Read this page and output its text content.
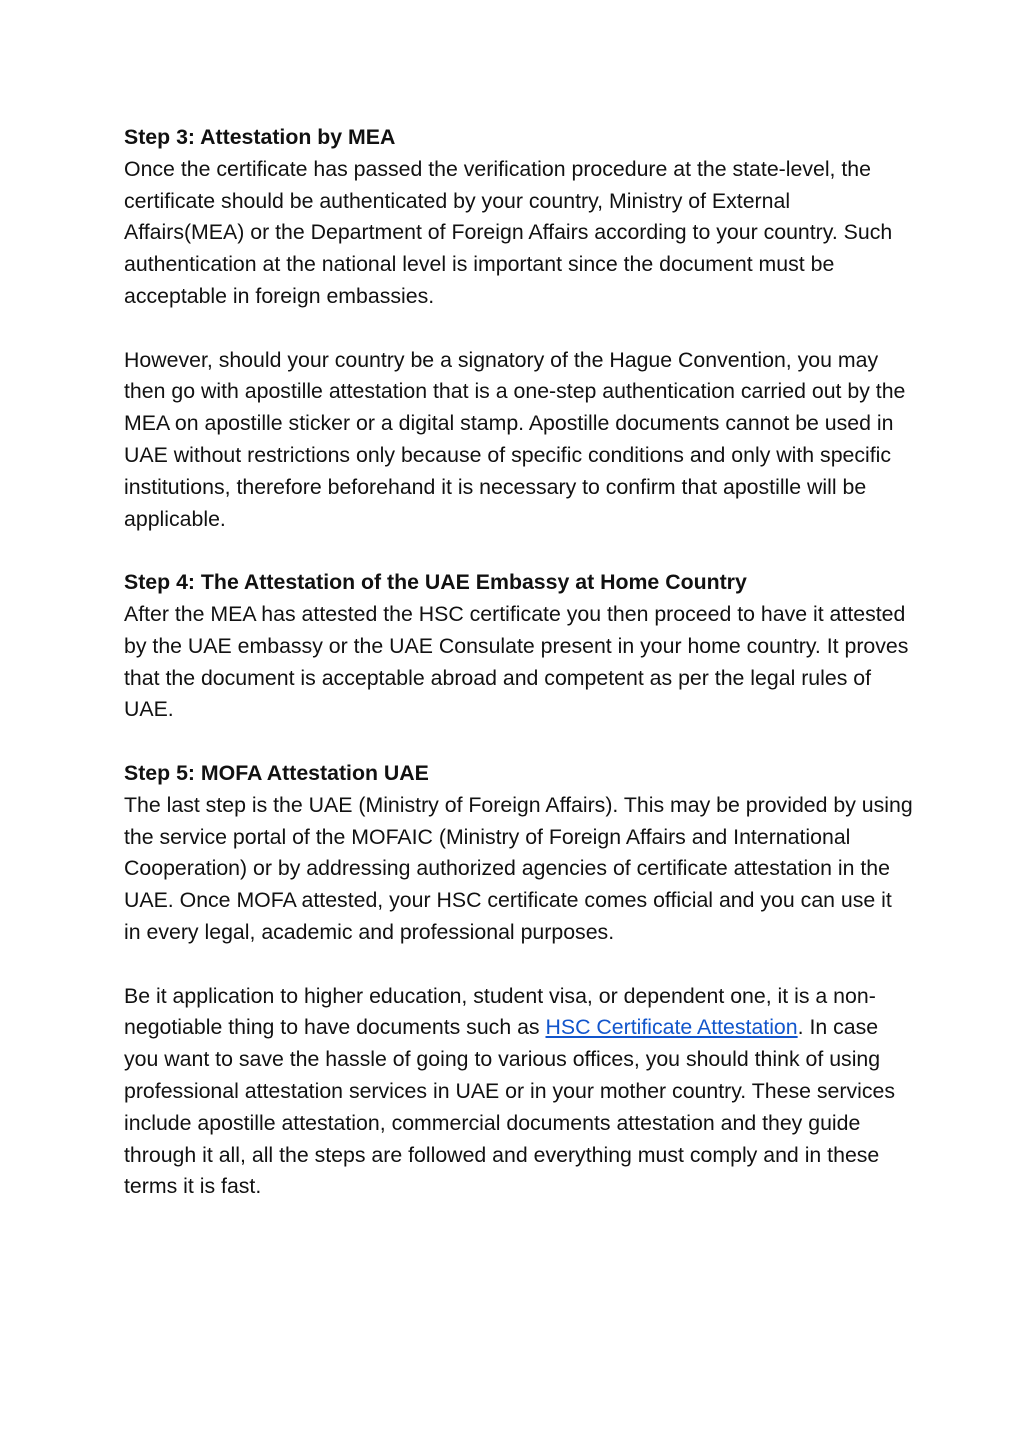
Step 3: Attestation by MEA

Once the certificate has passed the verification procedure at the state-level, the certificate should be authenticated by your country, Ministry of External Affairs(MEA) or the Department of Foreign Affairs according to your country. Such authentication at the national level is important since the document must be acceptable in foreign embassies.

However, should your country be a signatory of the Hague Convention, you may then go with apostille attestation that is a one-step authentication carried out by the MEA on apostille sticker or a digital stamp. Apostille documents cannot be used in UAE without restrictions only because of specific conditions and only with specific institutions, therefore beforehand it is necessary to confirm that apostille will be applicable.

Step 4: The Attestation of the UAE Embassy at Home Country

After the MEA has attested the HSC certificate you then proceed to have it attested by the UAE embassy or the UAE Consulate present in your home country. It proves that the document is acceptable abroad and competent as per the legal rules of UAE.

Step 5: MOFA Attestation UAE

The last step is the UAE (Ministry of Foreign Affairs). This may be provided by using the service portal of the MOFAIC (Ministry of Foreign Affairs and International Cooperation) or by addressing authorized agencies of certificate attestation in the UAE. Once MOFA attested, your HSC certificate comes official and you can use it in every legal, academic and professional purposes.

Be it application to higher education, student visa, or dependent one, it is a non-negotiable thing to have documents such as HSC Certificate Attestation. In case you want to save the hassle of going to various offices, you should think of using professional attestation services in UAE or in your mother country. These services include apostille attestation, commercial documents attestation and they guide through it all, all the steps are followed and everything must comply and in these terms it is fast.
